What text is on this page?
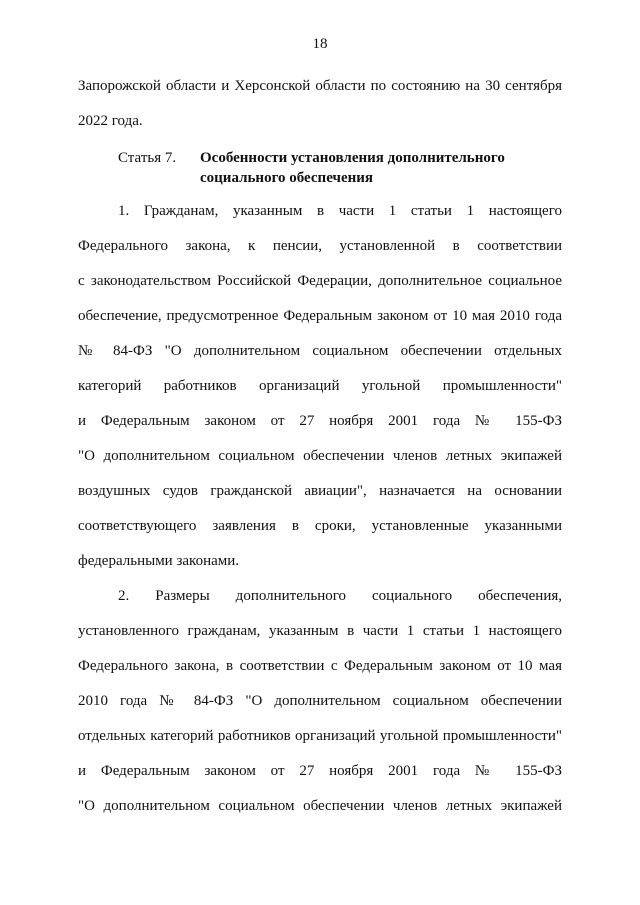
18
Запорожской области и Херсонской области по состоянию на 30 сентября
2022 года.
Статья 7. Особенности установления дополнительного
социального обеспечения
1. Гражданам, указанным в части 1 статьи 1 настоящего
Федерального закона, к пенсии, установленной в соответствии
с законодательством Российской Федерации, дополнительное социальное
обеспечение, предусмотренное Федеральным законом от 10 мая 2010 года
№ 84-ФЗ "О дополнительном социальном обеспечении отдельных
категорий работников организаций угольной промышленности"
и Федеральным законом от 27 ноября 2001 года № 155-ФЗ
"О дополнительном социальном обеспечении членов летных экипажей
воздушных судов гражданской авиации", назначается на основании
соответствующего заявления в сроки, установленные указанными
федеральными законами.
2. Размеры дополнительного социального обеспечения,
установленного гражданам, указанным в части 1 статьи 1 настоящего
Федерального закона, в соответствии с Федеральным законом от 10 мая
2010 года № 84-ФЗ "О дополнительном социальном обеспечении
отдельных категорий работников организаций угольной промышленности"
и Федеральным законом от 27 ноября 2001 года № 155-ФЗ
"О дополнительном социальном обеспечении членов летных экипажей
